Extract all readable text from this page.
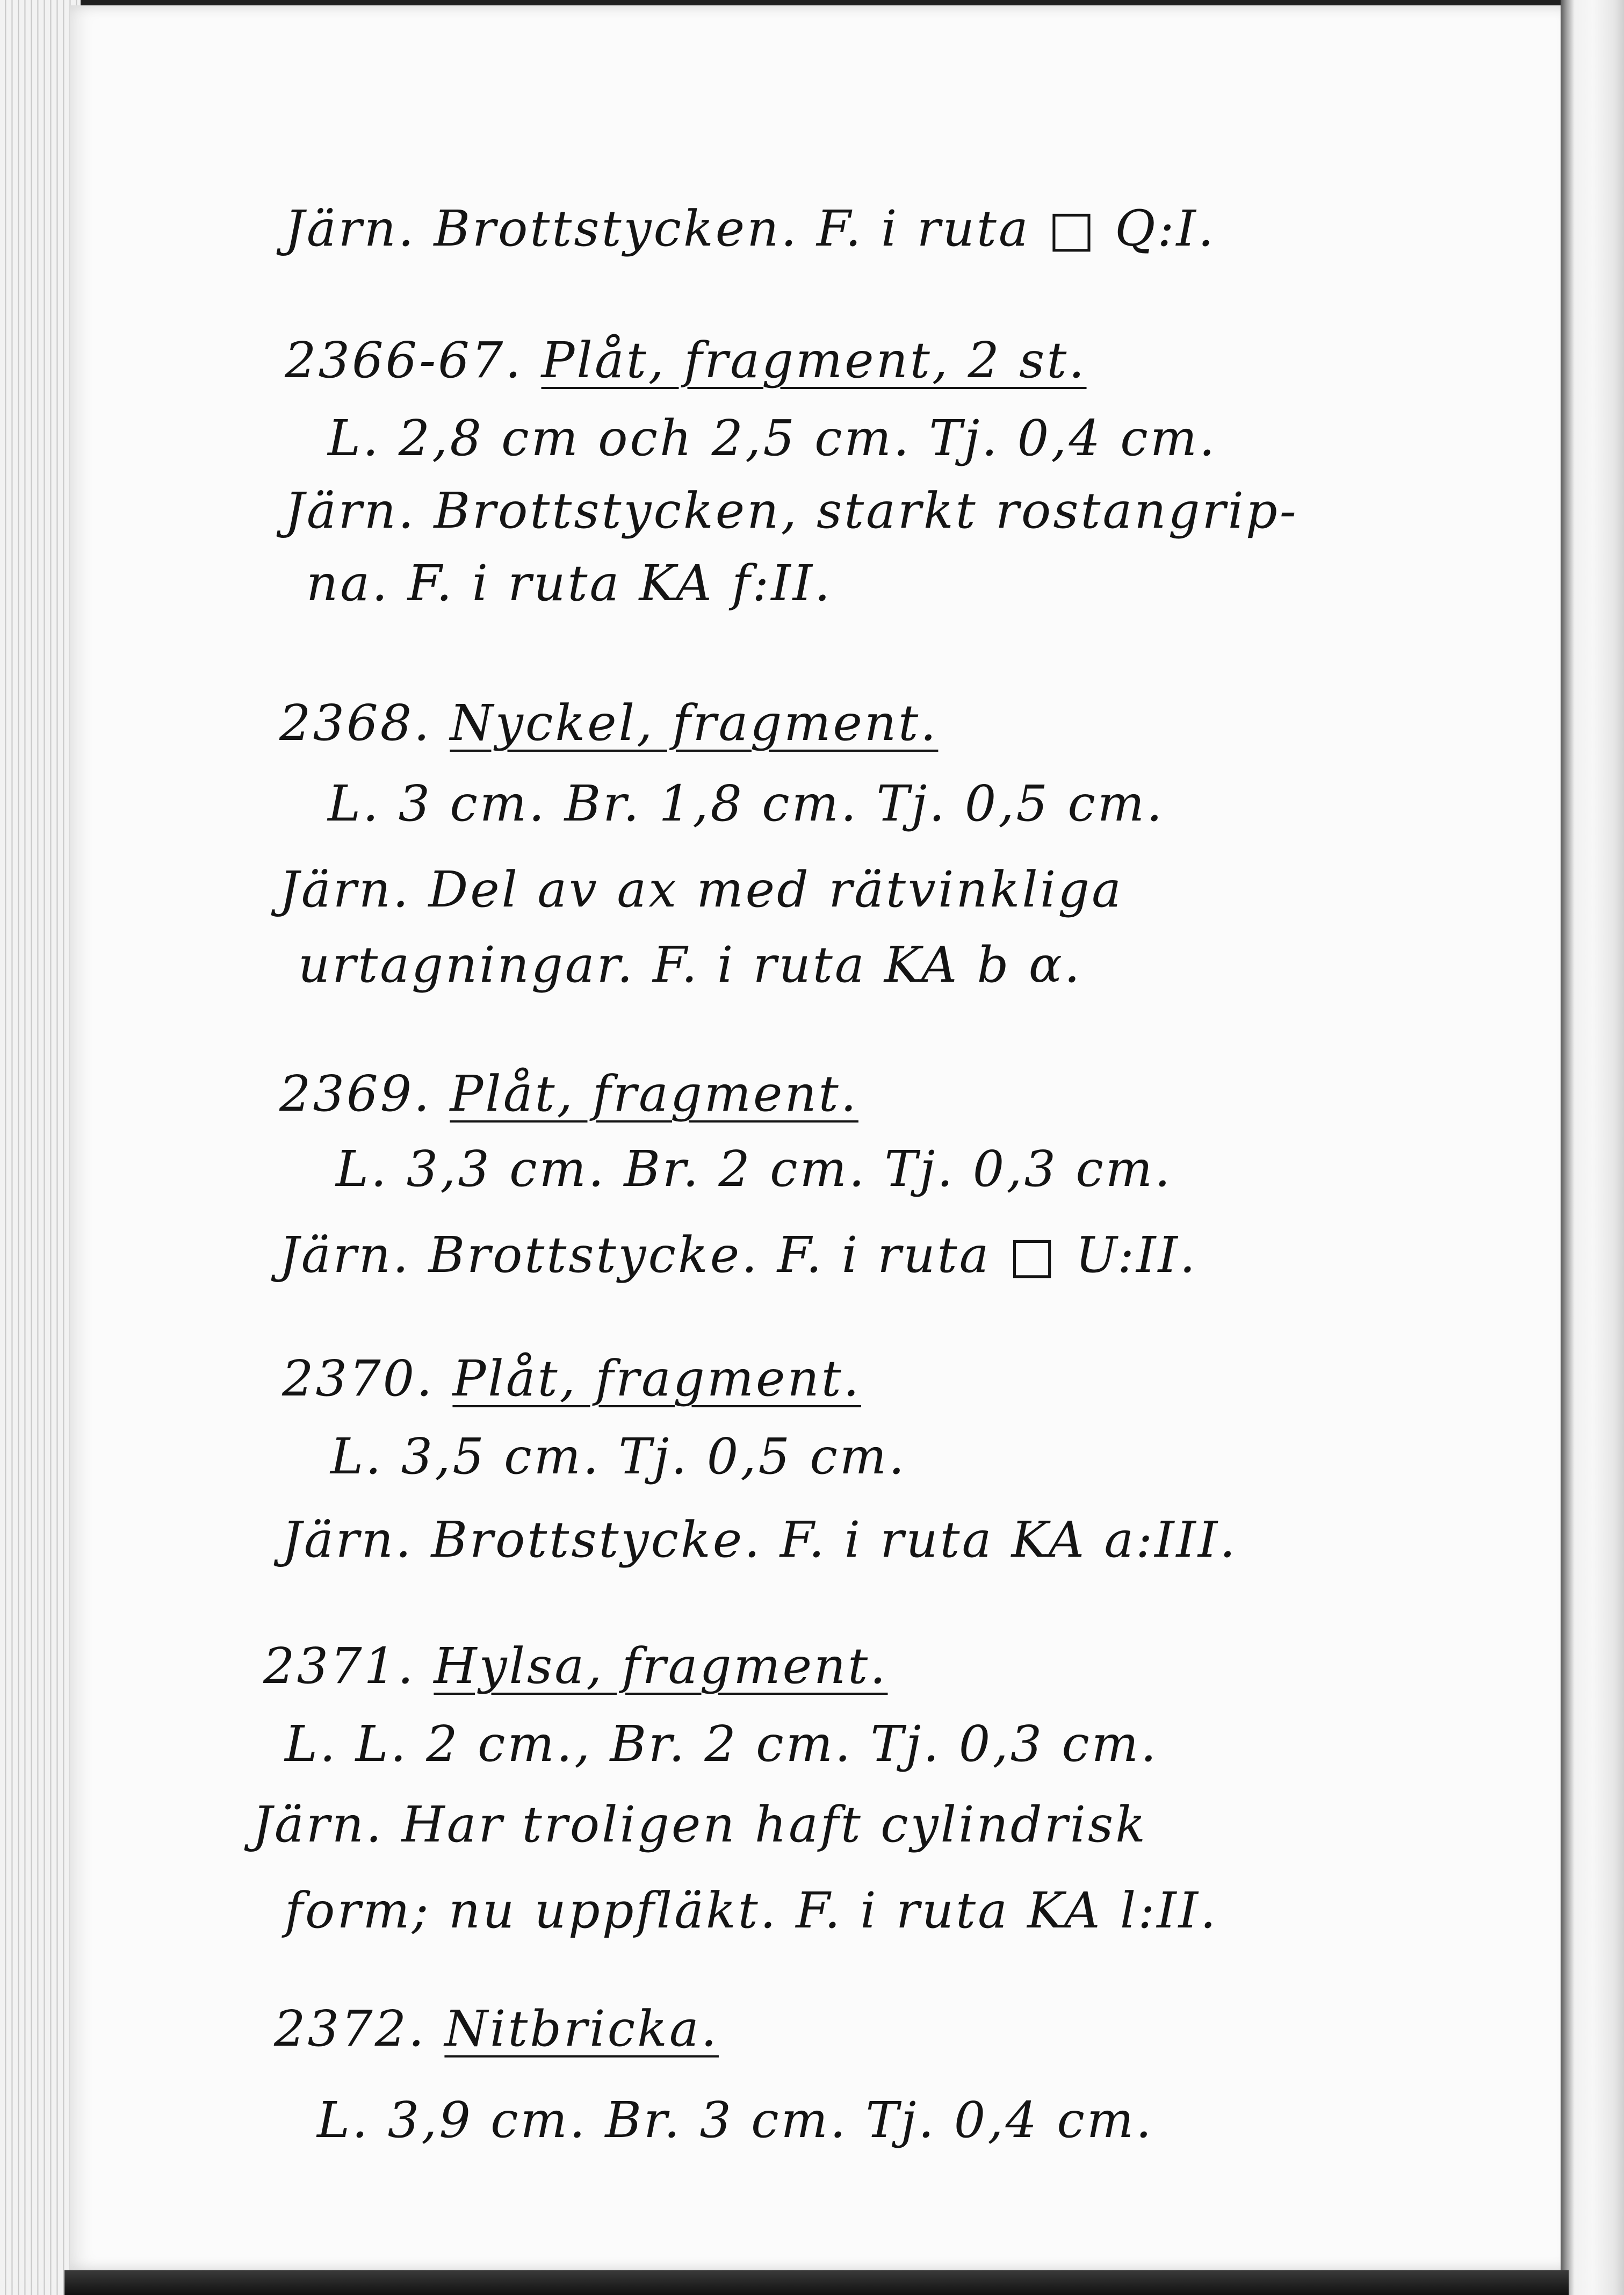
Järn. Brottstycken. F. i ruta □ Q:I.
2366-67. Plåt, fragment, 2 st.
L. 2,8 cm och 2,5 cm. Tj. 0,4 cm.
Järn. Brottstycken, starkt rostangrip-
na. F. i ruta KA f:II.
2368. Nyckel, fragment.
L. 3 cm. Br. 1,8 cm. Tj. 0,5 cm.
Järn. Del av ax med rätvinkliga
urtagningar. F. i ruta KA b α.
2369. Plåt, fragment.
L. 3,3 cm. Br. 2 cm. Tj. 0,3 cm.
Järn. Brottstycke. F. i ruta □ U:II.
2370. Plåt, fragment.
L. 3,5 cm. Tj. 0,5 cm.
Järn. Brottstycke. F. i ruta KA a:III.
2371. Hylsa, fragment.
L. L. 2 cm., Br. 2 cm. Tj. 0,3 cm.
Järn. Har troligen haft cylindrisk
form; nu uppfläkt. F. i ruta KA l:II.
2372. Nitbricka.
L. 3,9 cm. Br. 3 cm. Tj. 0,4 cm.
